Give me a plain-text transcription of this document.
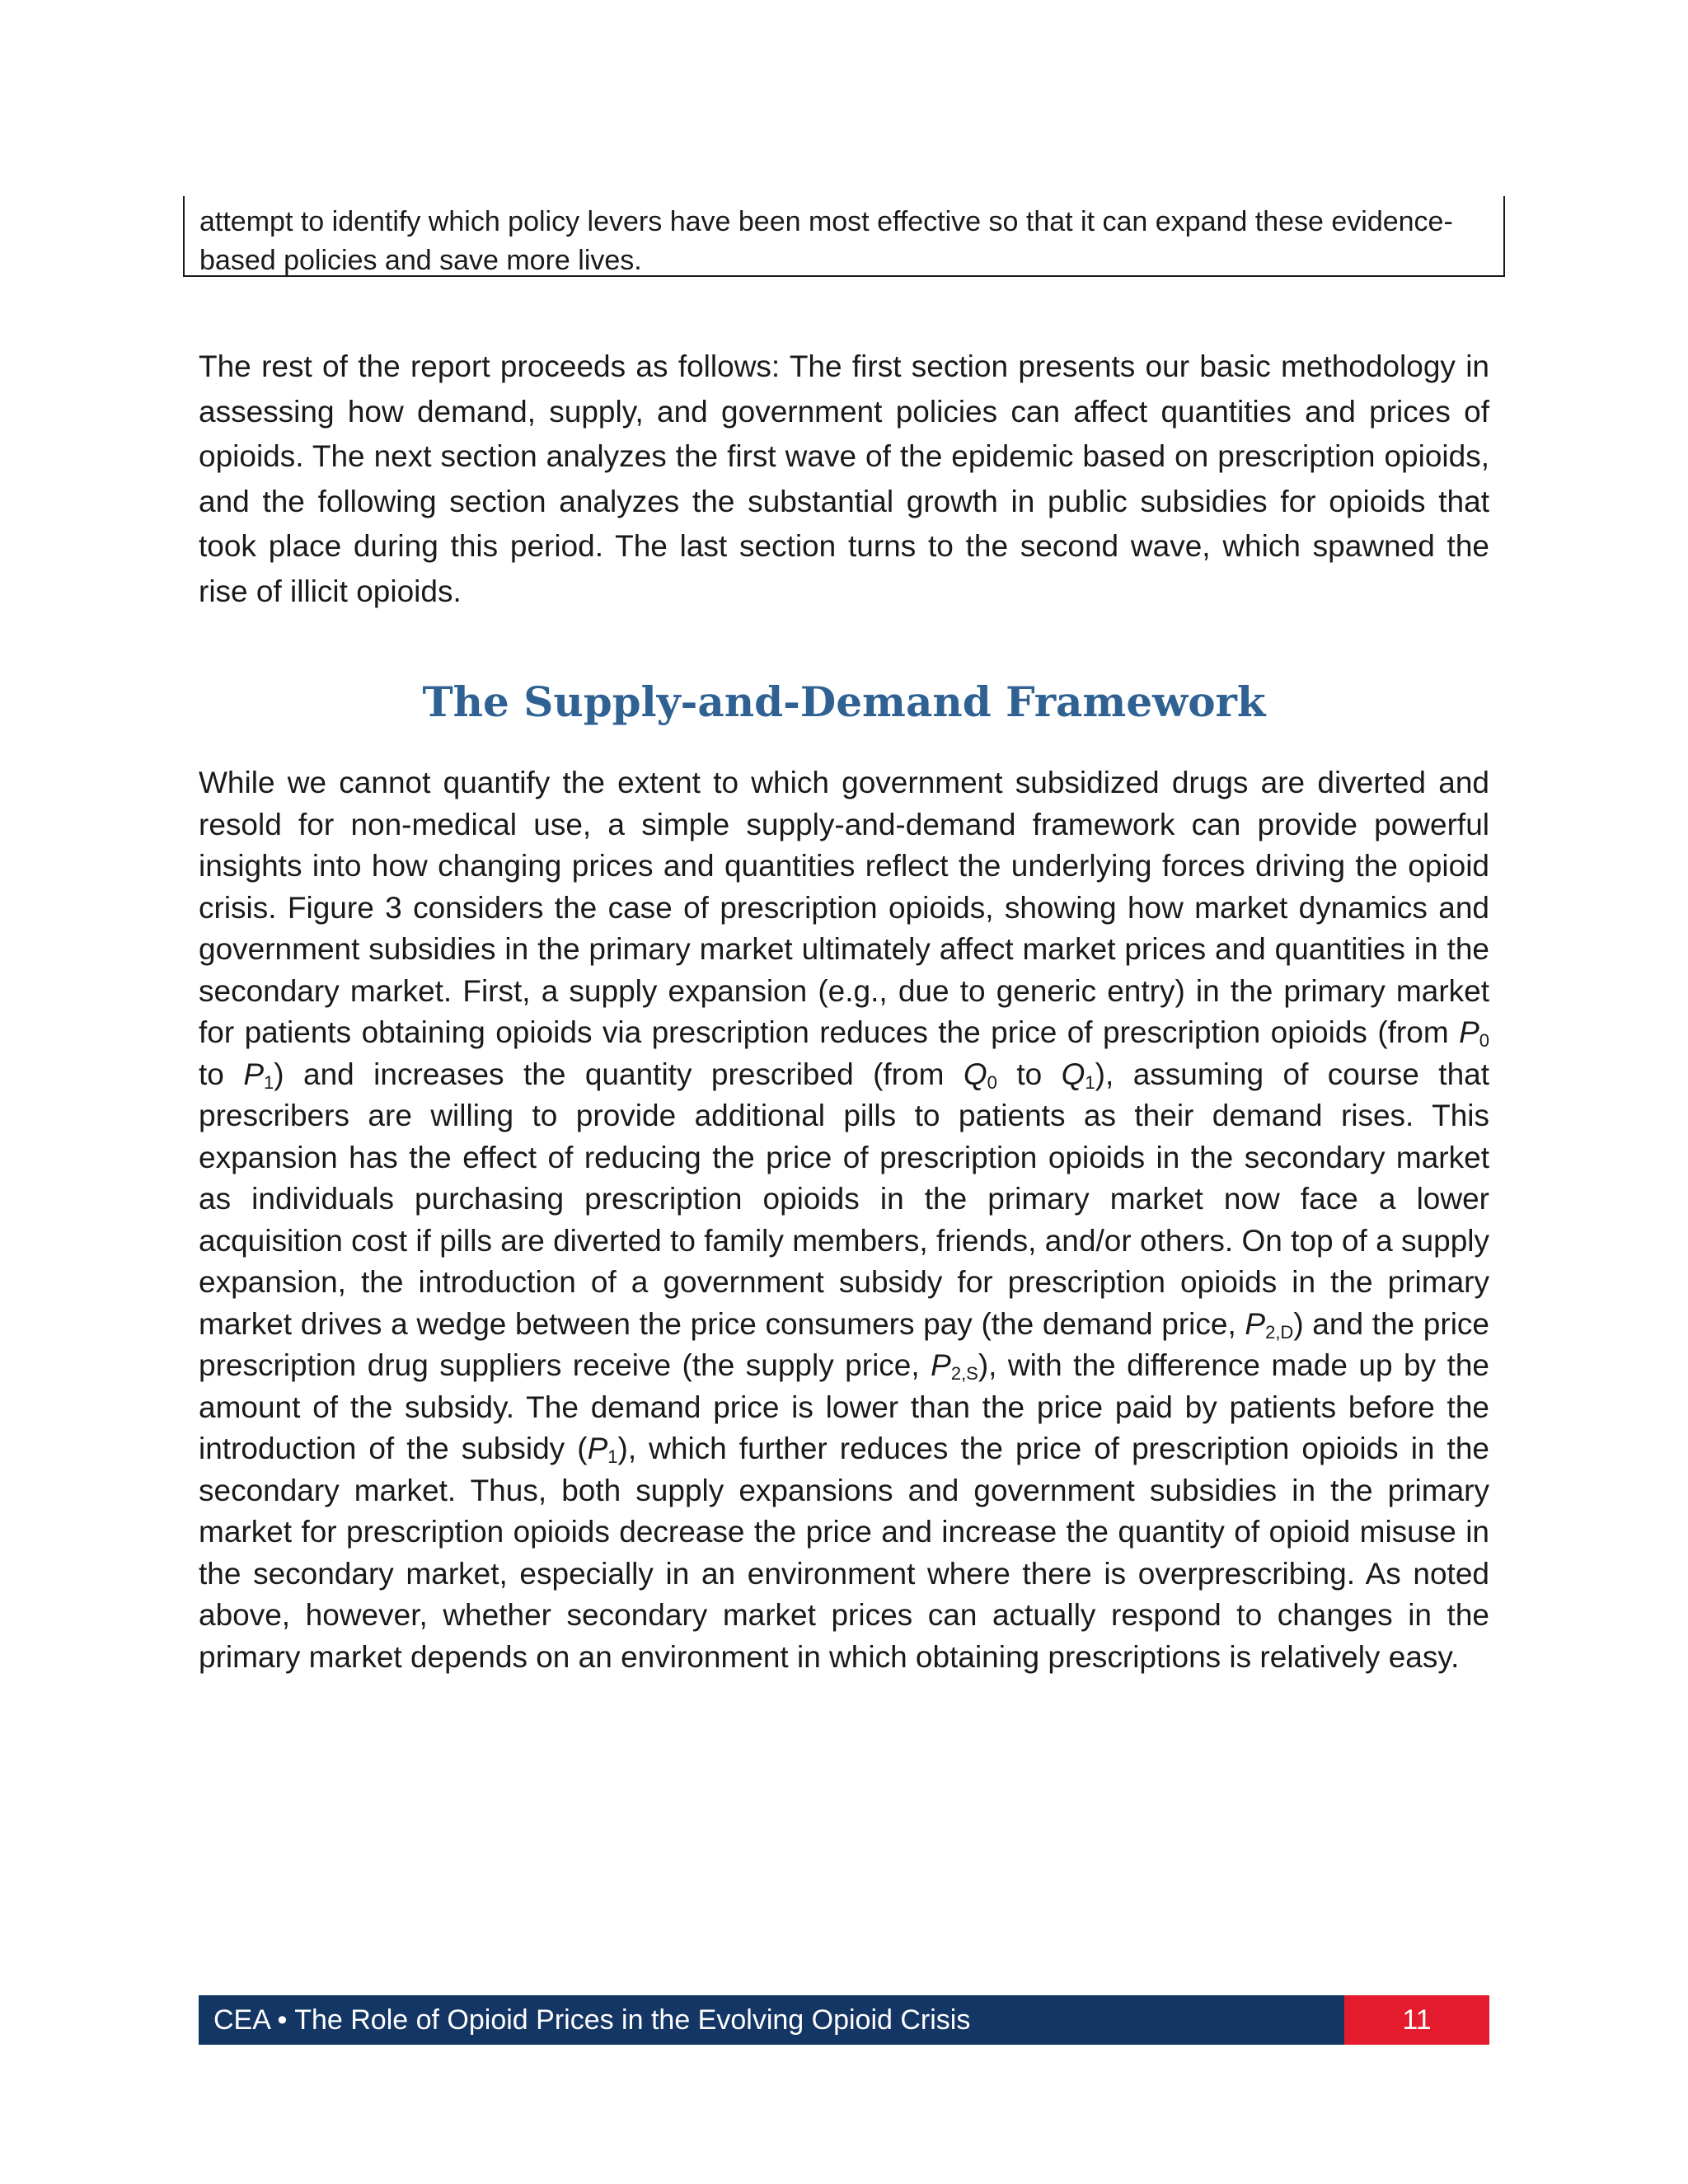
attempt to identify which policy levers have been most effective so that it can expand these evidence-based policies and save more lives.

The rest of the report proceeds as follows: The first section presents our basic methodology in assessing how demand, supply, and government policies can affect quantities and prices of opioids. The next section analyzes the first wave of the epidemic based on prescription opioids, and the following section analyzes the substantial growth in public subsidies for opioids that took place during this period. The last section turns to the second wave, which spawned the rise of illicit opioids.

The Supply-and-Demand Framework

While we cannot quantify the extent to which government subsidized drugs are diverted and resold for non-medical use, a simple supply-and-demand framework can provide powerful insights into how changing prices and quantities reflect the underlying forces driving the opioid crisis. Figure 3 considers the case of prescription opioids, showing how market dynamics and government subsidies in the primary market ultimately affect market prices and quantities in the secondary market. First, a supply expansion (e.g., due to generic entry) in the primary market for patients obtaining opioids via prescription reduces the price of prescription opioids (from $P_0$ to $P_1$) and increases the quantity prescribed (from $Q_0$ to $Q_1$), assuming of course that prescribers are willing to provide additional pills to patients as their demand rises. This expansion has the effect of reducing the price of prescription opioids in the secondary market as individuals purchasing prescription opioids in the primary market now face a lower acquisition cost if pills are diverted to family members, friends, and/or others. On top of a supply expansion, the introduction of a government subsidy for prescription opioids in the primary market drives a wedge between the price consumers pay (the demand price, $P_{2,D}$) and the price prescription drug suppliers receive (the supply price, $P_{2,S}$), with the difference made up by the amount of the subsidy. The demand price is lower than the price paid by patients before the introduction of the subsidy $(P_1)$, which further reduces the price of prescription opioids in the secondary market. Thus, both supply expansions and government subsidies in the primary market for prescription opioids decrease the price and increase the quantity of opioid misuse in the secondary market, especially in an environment where there is overprescribing. As noted above, however, whether secondary market prices can actually respond to changes in the primary market depends on an environment in which obtaining prescriptions is relatively easy.

CEA • The Role of Opioid Prices in the Evolving Opioid Crisis	11
